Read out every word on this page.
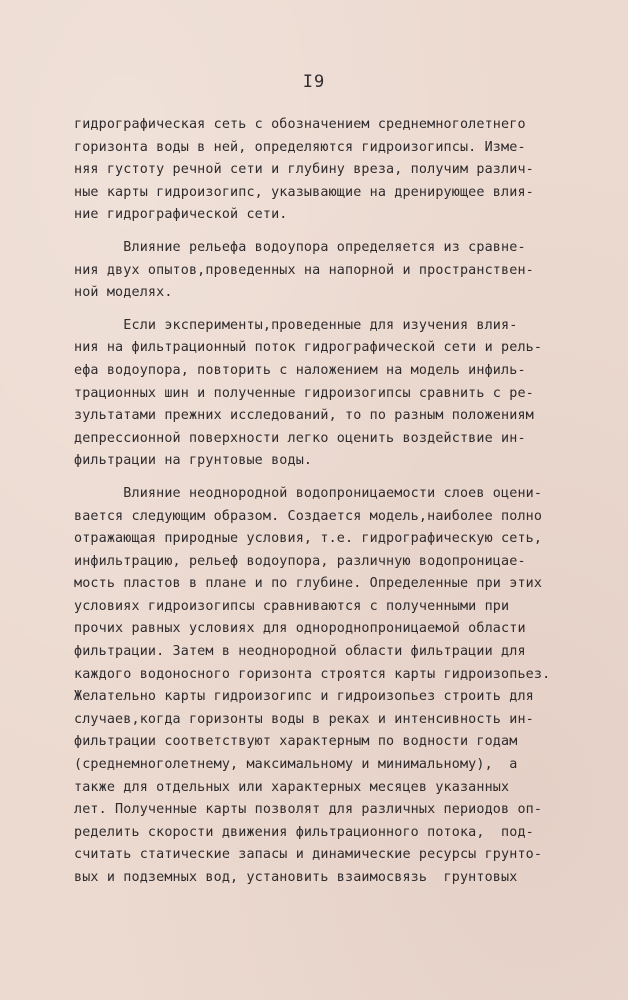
I9
гидрографическая сеть с обозначением среднемноголетнего
горизонта воды в ней, определяются гидроизогипсы. Изме-
няя густоту речной сети и глубину вреза, получим различ-
ные карты гидроизогипс, указывающие на дренирующее влия-
ние гидрографической сети.
Влияние рельефа водоупора определяется из сравне-
ния двух опытов,проведенных на напорной и пространствен-
ной моделях.
Если эксперименты,проведенные для изучения влия-
ния на фильтрационный поток гидрографической сети и рель-
ефа водоупора, повторить с наложением на модель инфиль-
трационных шин и полученные гидроизогипсы сравнить с ре-
зультатами прежних исследований, то по разным положениям
депрессионной поверхности легко оценить воздействие ин-
фильтрации на грунтовые воды.
Влияние неоднородной водопроницаемости слоев оцени-
вается следующим образом. Создается модель,наиболее полно
отражающая природные условия, т.е. гидрографическую сеть,
инфильтрацию, рельеф водоупора, различную водопроницае-
мость пластов в плане и по глубине. Определенные при этих
условиях гидроизогипсы сравниваются с полученными при
прочих равных условиях для однороднопроницаемой области
фильтрации. Затем в неоднородной области фильтрации для
каждого водоносного горизонта стрoятся карты гидроизопьез.
Желательно карты гидроизогипс и гидроизопьез строить для
случаев,когда горизонты воды в реках и интенсивность ин-
фильтрации соответствуют характерным по водности годам
(среднемноголетнему, максимальному и минимальному),  а
также для отдельных или характерных месяцев указанных
лет. Полученные карты позволят для различных периодов оп-
ределить скорости движения фильтрационного потока,  под-
считать статические запасы и динамические ресурсы грунто-
вых и подземных вод, установить взаимосвязь  грунтовых
